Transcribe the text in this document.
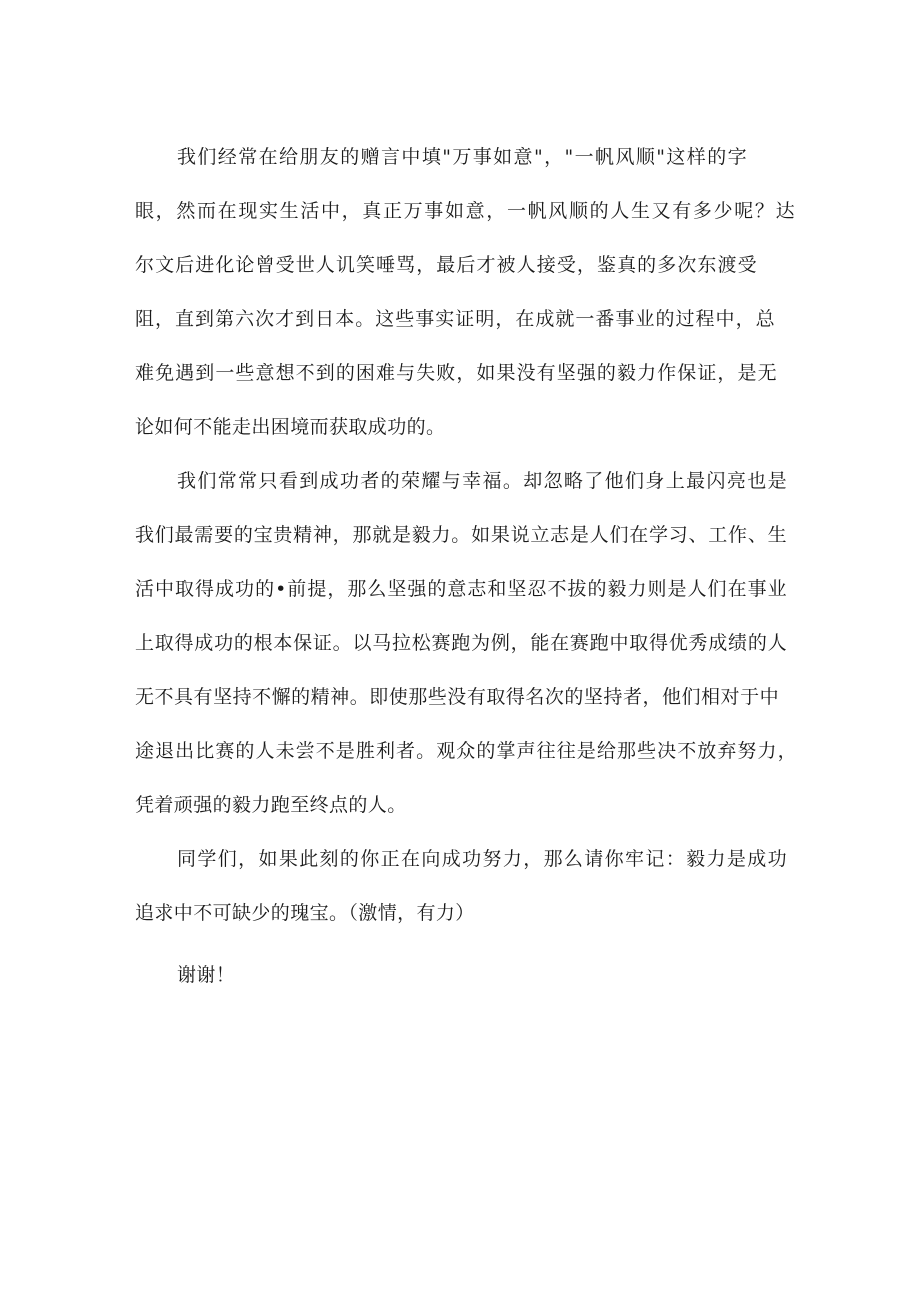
我们经常在给朋友的赠言中填"万事如意"，"一帆风顺"这样的字
眼，然而在现实生活中，真正万事如意，一帆风顺的人生又有多少呢？达
尔文后进化论曾受世人讥笑唾骂，最后才被人接受，鉴真的多次东渡受
阻，直到第六次才到日本。这些事实证明，在成就一番事业的过程中，总
难免遇到一些意想不到的困难与失败，如果没有坚强的毅力作保证，是无
论如何不能走出困境而获取成功的。
我们常常只看到成功者的荣耀与幸福。却忽略了他们身上最闪亮也是
我们最需要的宝贵精神，那就是毅力。如果说立志是人们在学习、工作、生
活中取得成功的•前提，那么坚强的意志和坚忍不拔的毅力则是人们在事业
上取得成功的根本保证。以马拉松赛跑为例，能在赛跑中取得优秀成绩的人
无不具有坚持不懈的精神。即使那些没有取得名次的坚持者，他们相对于中
途退出比赛的人未尝不是胜利者。观众的掌声往往是给那些决不放弃努力，
凭着顽强的毅力跑至终点的人。
同学们，如果此刻的你正在向成功努力，那么请你牢记：毅力是成功
追求中不可缺少的瑰宝。（激情，有力）
谢谢！
